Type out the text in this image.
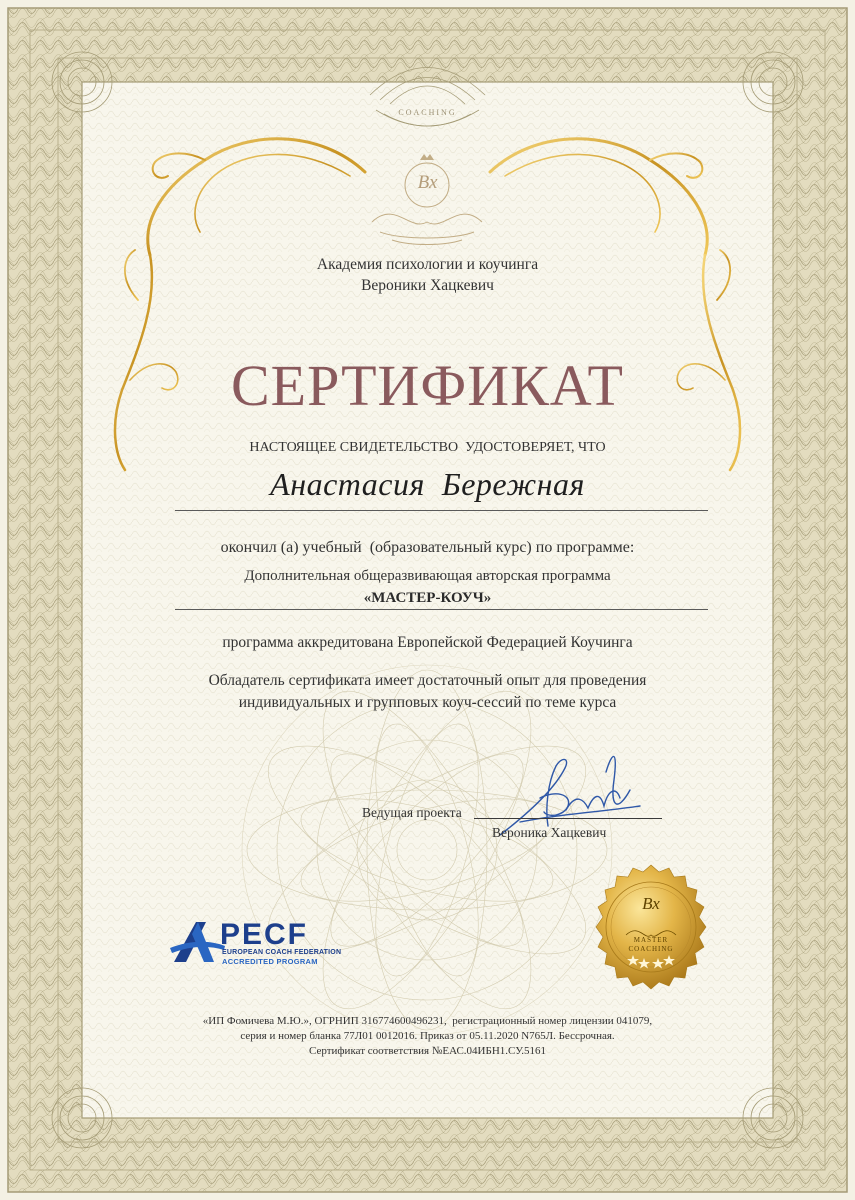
COACHING
Вх
Академия психологии и коучинга
Вероники Хацкевич
СЕРТИФИКАТ
НАСТОЯЩЕЕ СВИДЕТЕЛЬСТВО  УДОСТОВЕРЯЕТ, ЧТО
Анастасия  Бережная
окончил (а) учебный  (образовательный курс) по программе:
Дополнительная общеразвивающая авторская программа
«МАСТЕР-КОУЧ»
программа аккредитована Европейской Федерацией Коучинга
Обладатель сертификата имеет достаточный опыт для проведения
индивидуальных и групповых коуч-сессий по теме курса
Ведущая проекта
Вероника Хацкевич
PECF
EUROPEAN COACH FEDERATION
ACCREDITED PROGRAM
Вх
MASTER
COACHING
«ИП Фомичева М.Ю.», ОГРНИП 316774600496231,  регистрационный номер лицензии 041079,
серия и номер бланка 77Л01 0012016. Приказ от 05.11.2020 N765Л. Бессрочная.
Сертификат соответствия №ЕАС.04ИБН1.СУ.5161
